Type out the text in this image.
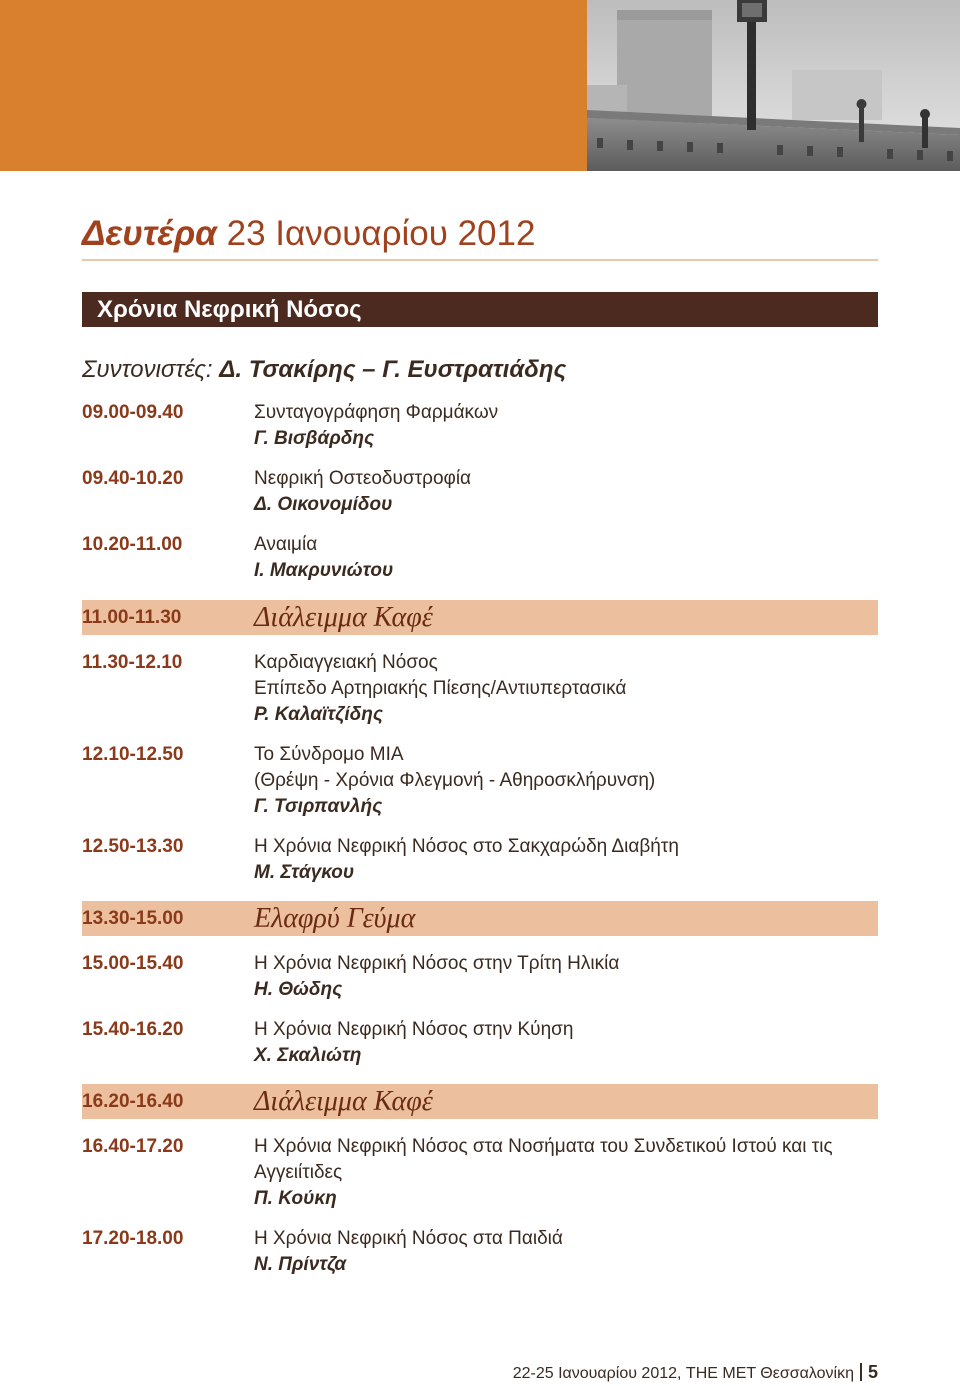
Δευτέρα 23 Ιανουαρίου 2012
Χρόνια Νεφρική Νόσος
Συντονιστές: Δ. Τσακίρης – Γ. Ευστρατιάδης
09.00-09.40	Συνταγογράφηση Φαρμάκων
Γ. Βισβάρδης
09.40-10.20	Νεφρική Οστεοδυστροφία
Δ. Οικονομίδου
10.20-11.00	Αναιμία
Ι. Μακρυνιώτου
11.00-11.30	Διάλειμμα Καφέ
11.30-12.10	Καρδιαγγειακή Νόσος
Επίπεδο Αρτηριακής Πίεσης/Αντιυπερτασικά
Ρ. Καλαϊτζίδης
12.10-12.50	Το Σύνδρομο ΜΙΑ
(Θρέψη - Χρόνια Φλεγμονή - Αθηροσκλήρυνση)
Γ. Τσιρπανλής
12.50-13.30	Η Χρόνια Νεφρική Νόσος στο Σακχαρώδη Διαβήτη
Μ. Στάγκου
13.30-15.00	Ελαφρύ Γεύμα
15.00-15.40	Η Χρόνια Νεφρική Νόσος στην Τρίτη Ηλικία
Η. Θώδης
15.40-16.20	Η Χρόνια Νεφρική Νόσος στην Κύηση
Χ. Σκαλιώτη
16.20-16.40	Διάλειμμα Καφέ
16.40-17.20	Η Χρόνια Νεφρική Νόσος στα Νοσήματα του Συνδετικού Ιστού και τις
Αγγειίτιδες
Π. Κούκη
17.20-18.00	Η Χρόνια Νεφρική Νόσος στα Παιδιά
Ν. Πρίντζα
22-25 Ιανουαρίου 2012, THE MET Θεσσαλονίκη 5
